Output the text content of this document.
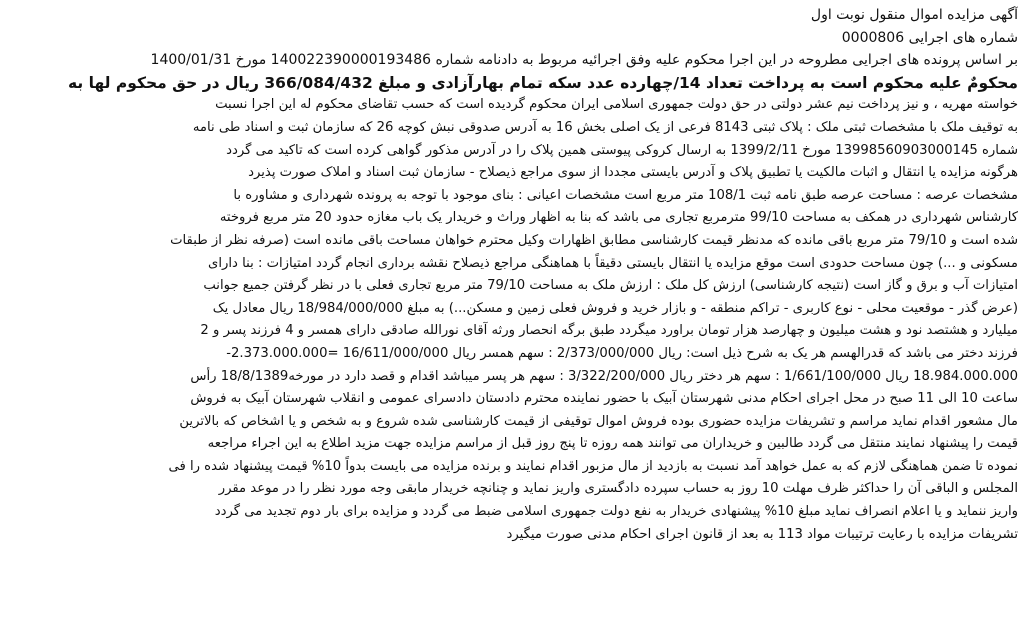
آگهی مزایده اموال منقول نوبت اول
شماره های اجرایی 0000806
بر اساس پرونده های اجرایی مطروحه در این اجرا محکوم علیه وفق اجرائیه مربوط به دادنامه شماره 140022390000193486 مورخ 1400/01/31
محکومٌ علیه محکوم است به پرداخت تعداد 14/چهارده عدد سکه تمام بهارآزادی و مبلغ 366/084/432 ریال در حق محکوم لها به
خواسته مهریه ، و نیز پرداخت نیم عشر دولتی در حق دولت جمهوری اسلامی ایران محکوم گردیده است که حسب تقاضای محکوم له این اجرا نسبت
به توقیف ملک با مشخصات ثبتی ملک : پلاک ثبتی 8143 فرعی از یک اصلی بخش 16 به آدرس صدوقی نبش کوچه 26 که سازمان ثبت و اسناد طی نامه
شماره 13998560903000145 مورخ 1399/2/11 به ارسال کروکی پیوستی همین پلاک را در آدرس مذکور گواهی کرده است که تاکید می گردد
هرگونه مزایده یا انتقال و اثبات مالکیت یا تطبیق پلاک و آدرس بایستی مجددا از سوی مراجع ذیصلاح - سازمان ثبت اسناد و املاک صورت پذیرد
مشخصات عرصه : مساحت عرصه طبق نامه ثبت 108/1 متر مربع است مشخصات اعیانی : بنای موجود با توجه به پرونده شهرداری و مشاوره با
کارشناس شهرداری در همکف به مساحت 99/10 مترمربع تجاری می باشد که بنا به اظهار وراث و خریدار یک باب مغازه حدود 20 متر مربع فروخته
شده است و 79/10 متر مربع باقی مانده که مدنظر قیمت کارشناسی مطابق اظهارات وکیل محترم خواهان مساحت باقی مانده است (صرفه نظر از طبقات
مسکونی و ...) چون مساحت حدودی است موقع مزایده یا انتقال بایستی دقیقاً با هماهنگی مراجع ذیصلاح نقشه برداری انجام گردد امتیازات : بنا دارای
امتیازات آب و برق و گاز است (نتیجه کارشناسی) ارزش کل ملک : ارزش ملک به مساحت 79/10 متر مربع تجاری فعلی با در نظر گرفتن جمیع جوانب
(عرض گذر - موقعیت محلی - نوع کاربری - تراکم منطقه - و بازار خرید و فروش فعلی زمین و مسکن...) به مبلغ 18/984/000/000 ریال معادل یک
میلیارد و هشتصد نود و هشت میلیون و چهارصد هزار تومان براورد میگردد طبق برگه انحصار ورثه آقای نورالله صادقی دارای همسر و 4 فرزند پسر و 2
فرزند دختر می باشد که قدرالهسم هر یک به شرح ذیل است: ریال 2/373/000/000 : سهم همسر ریال 16/611/000/000 =2.373.000.000-
18.984.000.000 ریال 1/661/100/000 : سهم هر دختر ریال 3/322/200/000 : سهم هر پسر میباشد اقدام و قصد دارد در مورخه18/8/1389 رأس
ساعت 10 الی 11 صبح در محل اجرای احکام مدنی شهرستان آبیک با حضور نماینده محترم دادستان دادسرای عمومی و انقلاب شهرستان آبیک به فروش
مال مشعور اقدام نماید مراسم و تشریفات مزایده حضوری بوده فروش اموال توقیفی از قیمت کارشناسی شده شروع و به شخص و یا اشخاص که بالاترین
قیمت را پیشنهاد نمایند منتقل می گردد طالبین و خریداران می توانند همه روزه تا پنج روز قبل از مراسم مزایده جهت مزید اطلاع به این اجراء مراجعه
نموده تا ضمن هماهنگی لازم که به عمل خواهد آمد نسبت به بازدید از مال مزبور اقدام نمایند و برنده مزایده می بایست بدواً 10% قیمت پیشنهاد شده را فی
المجلس و الباقی آن را حداکثر ظرف مهلت 10 روز به حساب سپرده دادگستری واریز نماید و چنانچه خریدار مابقی وجه مورد نظر را در موعد مقرر
واریز ننماید و یا اعلام انصراف نماید مبلغ 10% پیشنهادی خریدار به نفع دولت جمهوری اسلامی ضبط می گردد و مزایده برای بار دوم تجدید می گردد
تشریفات مزایده با رعایت ترتیبات مواد 113 به بعد از قانون اجرای احکام مدنی صورت میگیرد
